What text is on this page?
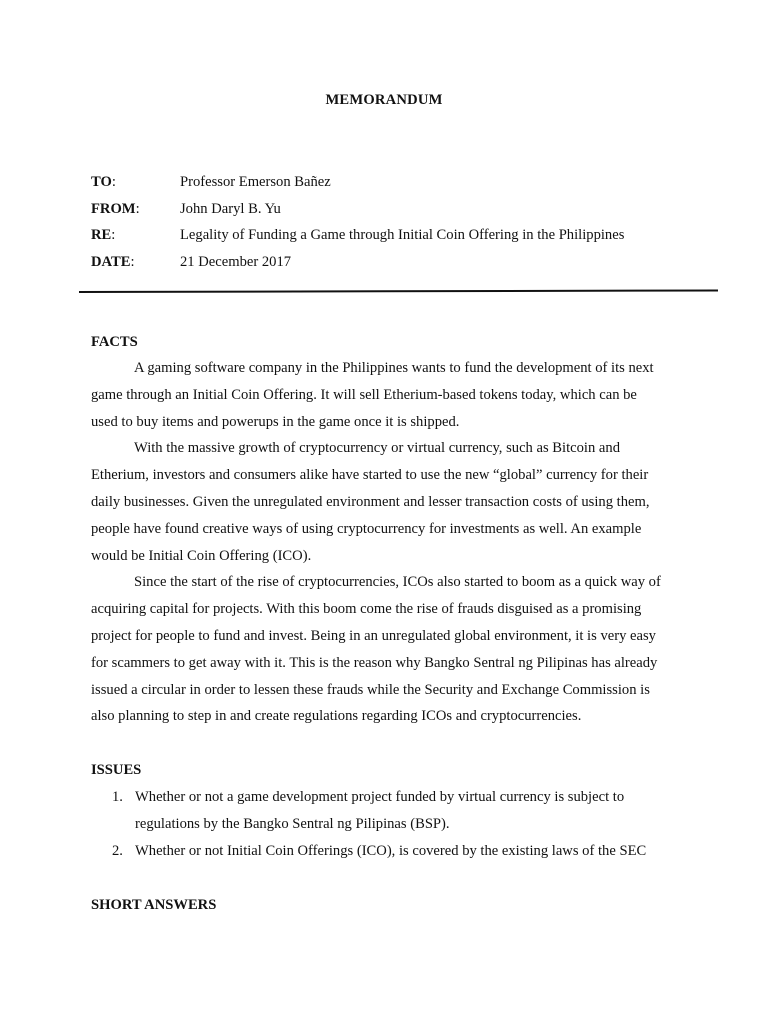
MEMORANDUM
TO:	Professor Emerson Bañez
FROM:	John Daryl B. Yu
RE:	Legality of Funding a Game through Initial Coin Offering in the Philippines
DATE:	21 December 2017
FACTS

A gaming software company in the Philippines wants to fund the development of its next game through an Initial Coin Offering. It will sell Etherium-based tokens today, which can be used to buy items and powerups in the game once it is shipped.

With the massive growth of cryptocurrency or virtual currency, such as Bitcoin and Etherium, investors and consumers alike have started to use the new “global” currency for their daily businesses. Given the unregulated environment and lesser transaction costs of using them, people have found creative ways of using cryptocurrency for investments as well. An example would be Initial Coin Offering (ICO).

Since the start of the rise of cryptocurrencies, ICOs also started to boom as a quick way of acquiring capital for projects. With this boom come the rise of frauds disguised as a promising project for people to fund and invest. Being in an unregulated global environment, it is very easy for scammers to get away with it. This is the reason why Bangko Sentral ng Pilipinas has already issued a circular in order to lessen these frauds while the Security and Exchange Commission is also planning to step in and create regulations regarding ICOs and cryptocurrencies.

ISSUES
1. Whether or not a game development project funded by virtual currency is subject to regulations by the Bangko Sentral ng Pilipinas (BSP).
2. Whether or not Initial Coin Offerings (ICO), is covered by the existing laws of the SEC
SHORT ANSWERS
